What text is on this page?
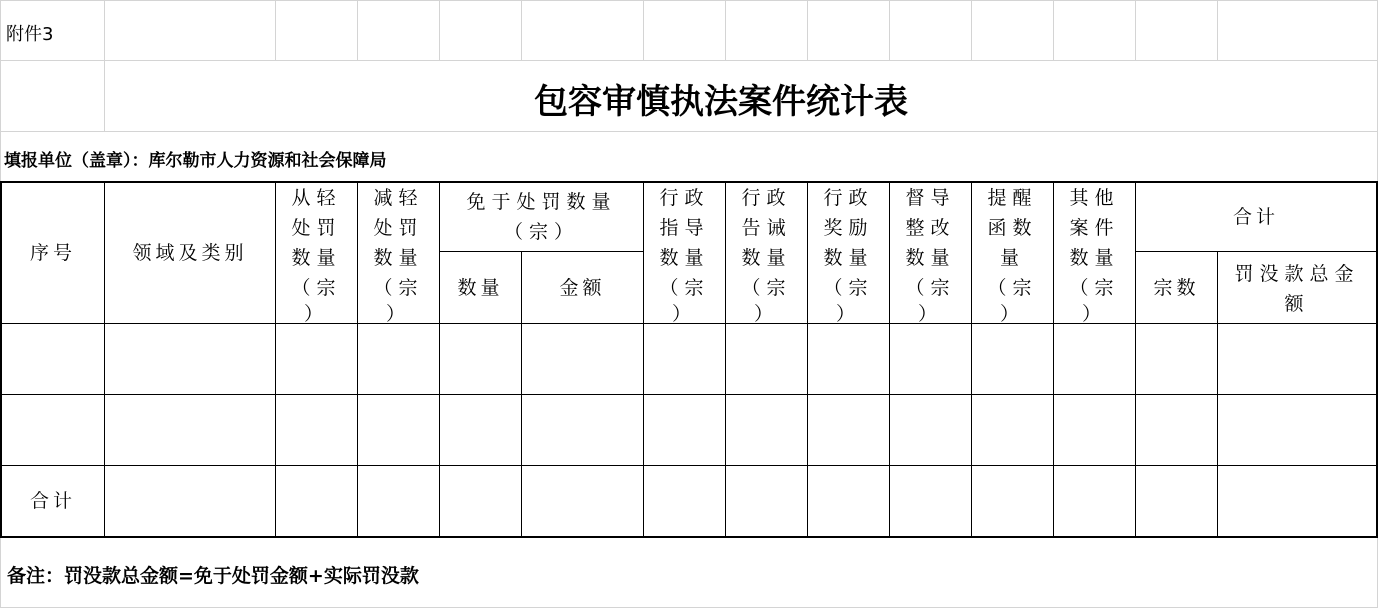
附件3
包容审慎执法案件统计表
填报单位（盖章）：库尔勒市人力资源和社会保障局
序号	领域及类别
从轻
处罚
数量
（宗
）
减轻
处罚
数量
（宗
）
免于处罚数量
（宗）
数量	金额
行政
指导
数量
（宗
）
行政
告诫
数量
（宗
）
行政
奖励
数量
（宗
）
督导
整改
数量
（宗
）
提醒
函数
量
（宗
）
其他
案件
数量
（宗
）
合计
宗数
罚没款总金
额
合计
备注：罚没款总金额=免于处罚金额+实际罚没款
